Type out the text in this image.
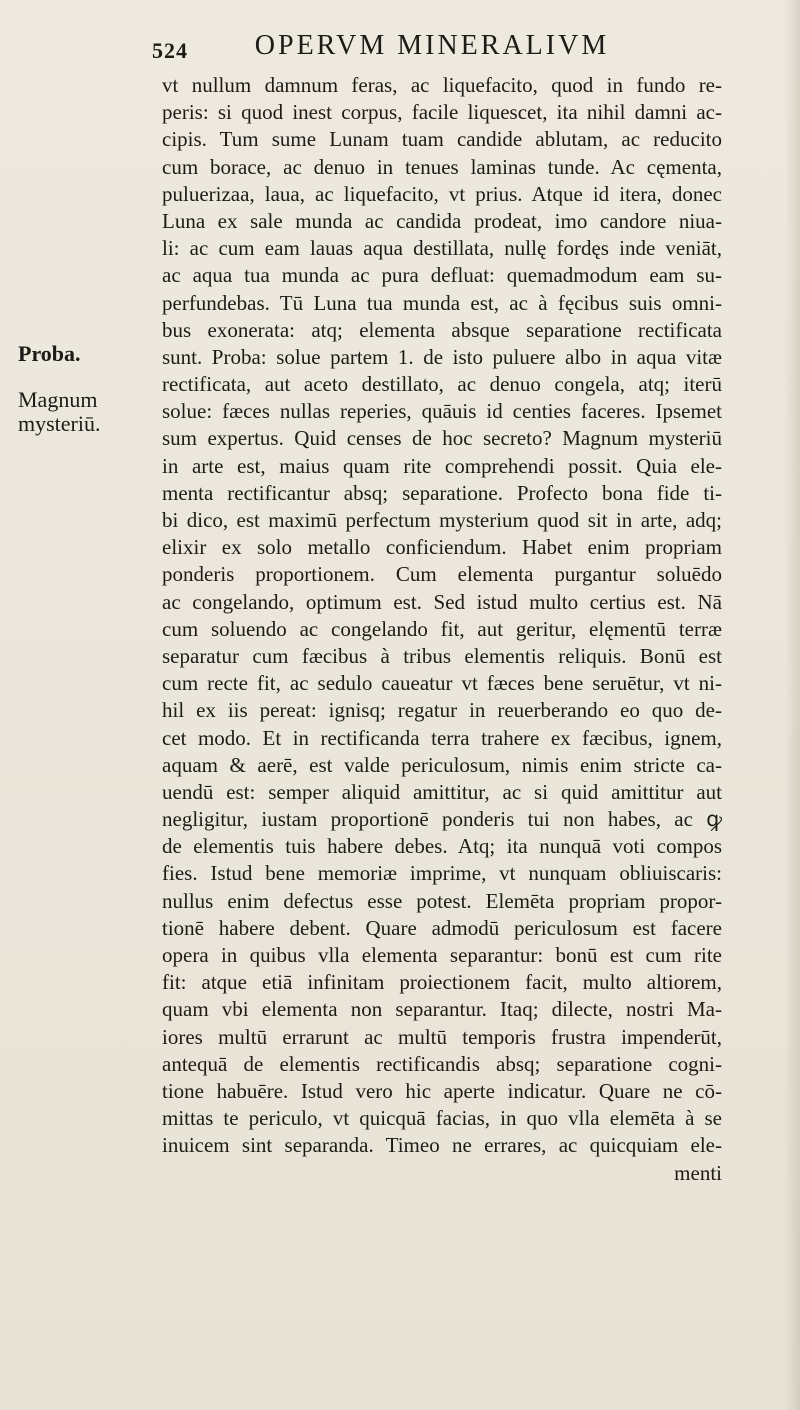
524	OPERVM MINERALIVM
Proba.
Magnum
mysteriū.
vt nullum damnum feras, ac liquefacito, quod in fundo re-
peris: si quod inest corpus, facile liquescet, ita nihil damni ac-
cipis. Tum sume Lunam tuam candide ablutam, ac reducito
cum borace, ac denuo in tenues laminas tunde. Ac cęmenta,
puluerizaa, laua, ac liquefacito, vt prius. Atque id itera, donec
Luna ex sale munda ac candida prodeat, imo candore niua-
li: ac cum eam lauas aqua destillata, nullę fordęs inde veniāt,
ac aqua tua munda ac pura defluat: quemadmodum eam su-
perfundebas. Tū Luna tua munda est, ac à fęcibus suis omni-
bus exonerata: atq; elementa absque separatione rectificata
sunt. Proba: solue partem 1. de isto puluere albo in aqua vitæ
rectificata, aut aceto destillato, ac denuo congela, atq; iterū
solue: fæces nullas reperies, quāuis id centies faceres. Ipsemet
sum expertus. Quid censes de hoc secreto? Magnum mysteriū
in arte est, maius quam rite comprehendi possit. Quia ele-
menta rectificantur absq; separatione. Profecto bona fide ti-
bi dico, est maximū perfectum mysterium quod sit in arte, adq;
elixir ex solo metallo conficiendum. Habet enim propriam
ponderis proportionem. Cum elementa purgantur soluēdo
ac congelando, optimum est. Sed istud multo certius est. Nā
cum soluendo ac congelando fit, aut geritur, elęmentū terræ
separatur cum fæcibus à tribus elementis reliquis. Bonū est
cum recte fit, ac sedulo caueatur vt fæces bene seruētur, vt ni-
hil ex iis pereat: ignisq; regatur in reuerberando eo quo de-
cet modo. Et in rectificanda terra trahere ex fæcibus, ignem,
aquam & aerē, est valde periculosum, nimis enim stricte ca-
uendū est: semper aliquid amittitur, ac si quid amittitur aut
negligitur, iustam proportionē ponderis tui non habes, ac ꝙ
de elementis tuis habere debes. Atq; ita nunquā voti compos
fies. Istud bene memoriæ imprime, vt nunquam obliuiscaris:
nullus enim defectus esse potest. Elemēta propriam propor-
tionē habere debent. Quare admodū periculosum est facere
opera in quibus vlla elementa separantur: bonū est cum rite
fit: atque etiā infinitam proiectionem facit, multo altiorem,
quam vbi elementa non separantur. Itaq; dilecte, nostri Ma-
iores multū errarunt ac multū temporis frustra impenderūt,
antequā de elementis rectificandis absq; separatione cogni-
tione habuēre. Istud vero hic aperte indicatur. Quare ne cō-
mittas te periculo, vt quicquā facias, in quo vlla elemēta à se
inuicem sint separanda. Timeo ne errares, ac quicquiam ele-
menti
